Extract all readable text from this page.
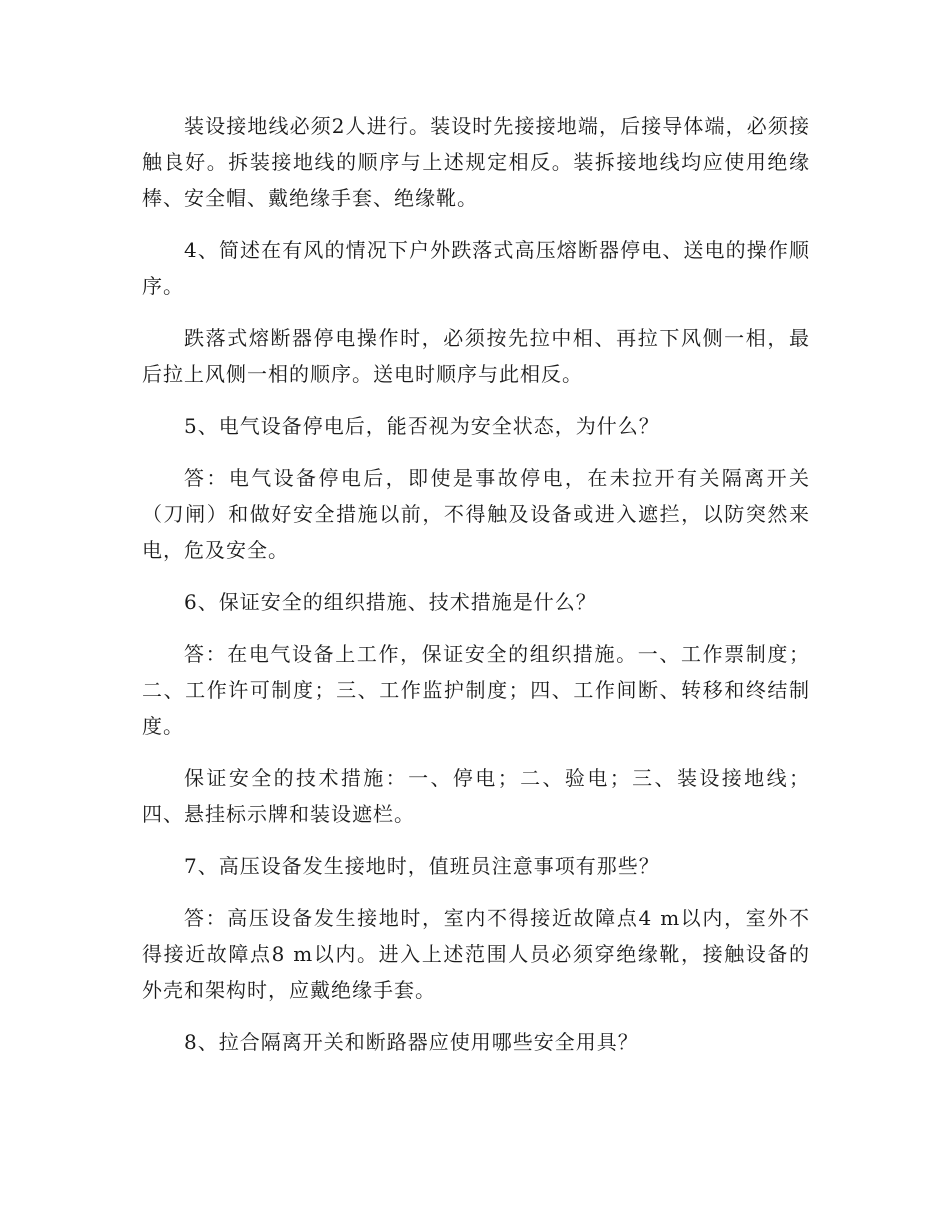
装设接地线必须2人进行。装设时先接接地端，后接导体端，必须接触良好。拆装接地线的顺序与上述规定相反。装拆接地线均应使用绝缘棒、安全帽、戴绝缘手套、绝缘靴。

4、简述在有风的情况下户外跌落式高压熔断器停电、送电的操作顺序。

跌落式熔断器停电操作时，必须按先拉中相、再拉下风侧一相，最后拉上风侧一相的顺序。送电时顺序与此相反。

5、电气设备停电后，能否视为安全状态，为什么？

答：电气设备停电后，即使是事故停电，在未拉开有关隔离开关（刀闸）和做好安全措施以前，不得触及设备或进入遮拦，以防突然来电，危及安全。

6、保证安全的组织措施、技术措施是什么？

答：在电气设备上工作，保证安全的组织措施。一、工作票制度；二、工作许可制度；三、工作监护制度；四、工作间断、转移和终结制度。

保证安全的技术措施：一、停电；二、验电；三、装设接地线；四、悬挂标示牌和装设遮栏。

7、高压设备发生接地时，值班员注意事项有那些？

答：高压设备发生接地时，室内不得接近故障点4 m以内，室外不得接近故障点8 m以内。进入上述范围人员必须穿绝缘靴，接触设备的外壳和架构时，应戴绝缘手套。

8、拉合隔离开关和断路器应使用哪些安全用具？
